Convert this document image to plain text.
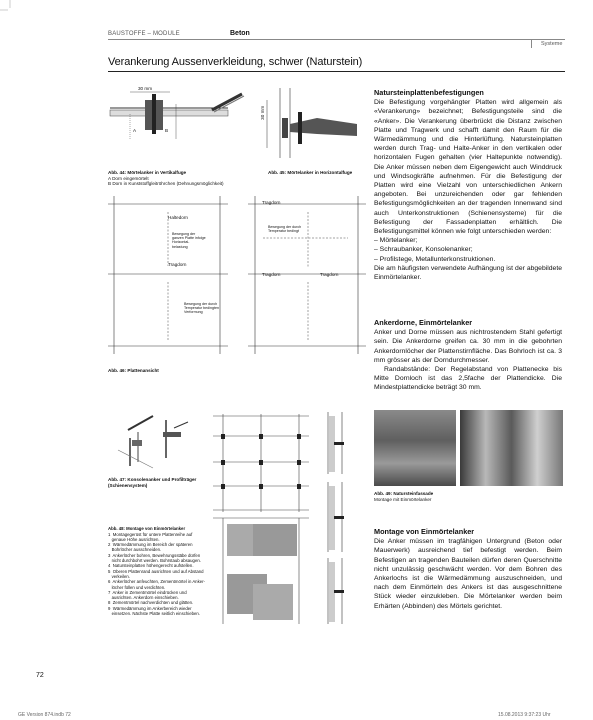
BAUSTOFFE – MODULE	Beton
Systeme
Verankerung Aussenverkleidung, schwer (Naturstein)
30 mm
A	B
Abb. 44: Mörtelanker in Vertikalfuge
A Dorn eingemörtelt
B Dorn in Kunststoffgleitröhrchen (Dehnungsmöglichkeit)
30 mm
Abb. 45: Mörtelanker in Horizontalfuge
Haltedorn
Tragdorn
Tragdorn
Tragdorn	Tragdorn
Bewegung der
ganzen Platte infolge
Horizontal-
belastung
Bewegung der durch
Temperatur bedingten
Verformung
Bewegung der durch
Temperatur bedingt
Abb. 46: Plattenansicht
Abb. 47: Konsolenanker und Profilträger
(Schienensystem)

Abb. 48: Montage von Einmörtelanker
1  Montagegerüst für untere Plattenreihe auf
genaue Höhe ausrichten.
2  Wärmedämmung im Bereich der späteren
Bohrlöcher ausschneiden.
3  Ankerlöcher bohren, Bewehrungsstäbe dürfen
nicht durchbohrt werden. Bohrstaub absaugen.
4  Natursteinplatten höhengerecht aufstellen.
5  Oberen Plattenrand ausrichten und auf Abstand
verkeilen.
6  Ankerlöcher anfeuchten, Zementmörtel in Anker-
löcher füllen und verdichten.
7  Anker in Zementmörtel eindrücken und
ausrichten. Ankerdorn einschieben.
8  Zementmörtel nachverdichten und glätten.
9  Wärmedämmung im Ankerbereich wieder
einsetzen. Nächste Platte seitlich einschieben.

Abb. 49: Natursteinfassade
Montage mit Einmörtelanker
Natursteinplattenbefestigungen

Die Befestigung vorgehängter Platten wird allgemein als «Verankerung» bezeichnet; Befestigungsteile sind die «Anker». Die Verankerung überbrückt die Distanz zwischen Platte und Tragwerk und schafft damit den Raum für die Wärmedämmung und die Hinterlüftung. Natursteinplatten werden durch Trag- und Halte-Anker in den vertikalen oder horizontalen Fugen gehalten (vier Haltepunkte notwendig). Die Anker müssen neben dem Eigengewicht auch Winddruck und Windsogkräfte aufnehmen. Für die Befestigung der Platten wird eine Vielzahl von unterschiedlichen Ankern angeboten. Bei unzureichenden oder gar fehlenden Befestigungsmöglichkeiten an der tragenden Innenwand sind auch Unterkonstruktionen (Schienensysteme) für die Befestigung der Fassadenplatten erhältlich. Die Befestigungsmittel können wie folgt unterschieden werden:

– Mörtelanker;

– Schraubanker, Konsolenanker;

– Profilstege, Metallunterkonstruktionen.

Die am häufigsten verwendete Aufhängung ist der abgebildete Einmörtelanker.

Ankerdorne, Einmörtelanker

Anker und Dorne müssen aus nichtrostendem Stahl gefertigt sein. Die Ankerdorne greifen ca. 30 mm in die gebohrten Ankerdornlöcher der Plattenstirnfläche. Das Bohrloch ist ca. 3 mm grösser als der Dorndurchmesser.

Randabstände: Der Regelabstand von Plattenecke bis Mitte Dornloch ist das 2,5fache der Plattendicke. Die Mindestplattendicke beträgt 30 mm.

Montage von Einmörtelanker

Die Anker müssen im tragfähigen Untergrund (Beton oder Mauerwerk) ausreichend tief befestigt werden. Beim Befestigen an tragenden Bauteilen dürfen deren Querschnitte nicht unzulässig geschwächt werden. Vor dem Bohren des Ankerlochs ist die Wärmedämmung auszuschneiden, und nach dem Einmörteln des Ankers ist das ausgeschnittene Stück wieder einzukleben. Die Mörtelanker werden beim Erhärten (Abbinden) des Mörtels gerichtet.

72
GE Version 874.indb 72	15.08.2013 9:37:23 Uhr
